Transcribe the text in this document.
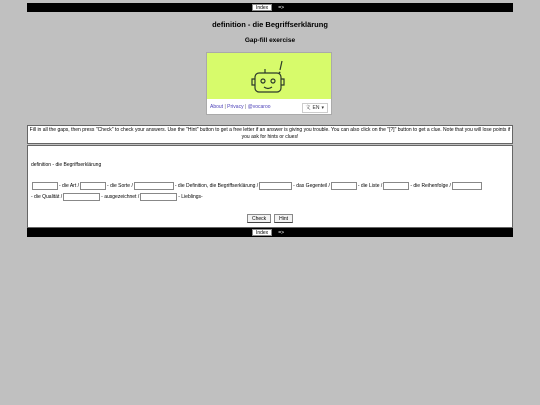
Index	=>
definition - die Begriffserklärung
Gap-fill exercise
About | Privacy | @vocaroo	文 EN ▾
Fill in all the gaps, then press "Check" to check your answers. Use the "Hint" button to get a free letter if an answer is giving you trouble. You can also click on the "[?]" button to get a clue. Note that you will lose points if you ask for hints or clues!
definition - die Begriffserklärung
- die Art /	- die Sorte /	- die Definition, die Begriffserklärung /	- das Gegenteil /	- die Liste /	- die Reihenfolge /
- die Qualität /	- ausgezeichnet /	- Lieblings-
Check	Hint
Index	=>
